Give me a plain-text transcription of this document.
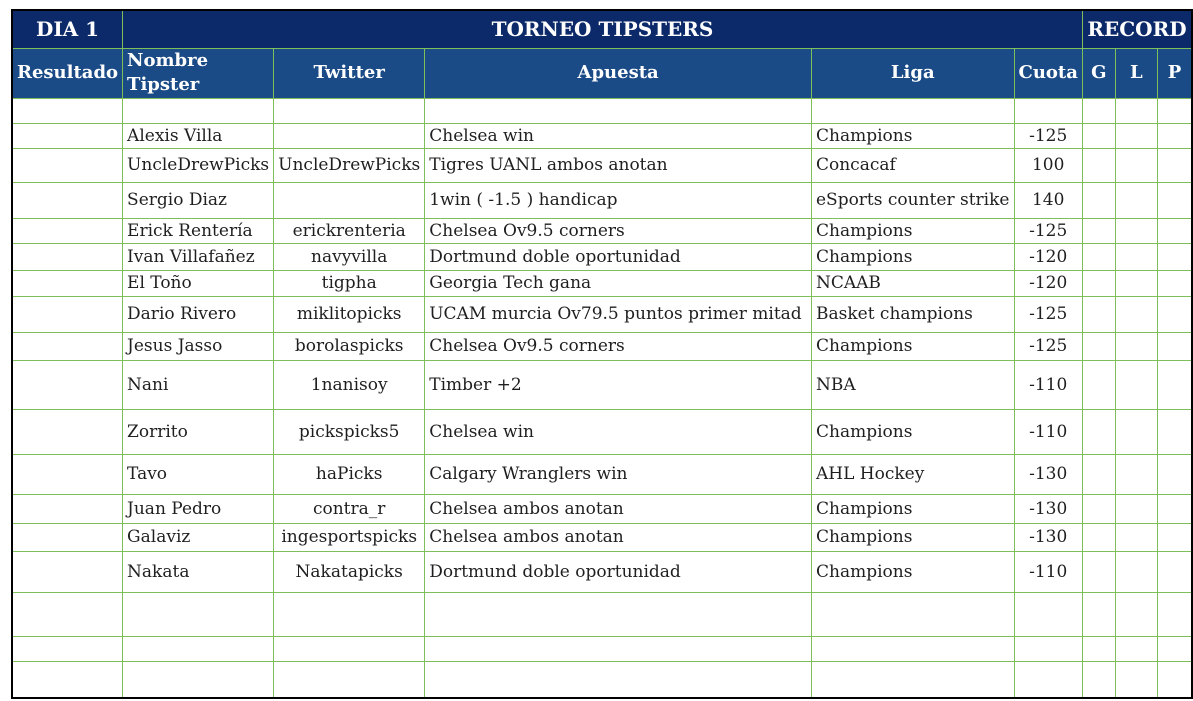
DIA 1	TORNEO TIPSTERS					RECORD		
Resultado	Nombre Tipster	Twitter	Apuesta	Liga	Cuota	G	L	P

	Alexis Villa		Chelsea win	Champions	-125			
	UncleDrewPicks	UncleDrewPicks	Tigres UANL ambos anotan	Concacaf	100			
	Sergio Diaz		1win ( -1.5 ) handicap	eSports counter strike	140			
	Erick Rentería	erickrenteria	Chelsea Ov9.5 corners	Champions	-125			
	Ivan Villafañez	navyvilla	Dortmund doble oportunidad	Champions	-120			
	El Toño	tigpha	Georgia Tech gana	NCAAB	-120			
	Dario Rivero	miklitopicks	UCAM murcia Ov79.5 puntos primer mitad	Basket champions	-125			
	Jesus Jasso	borolaspicks	Chelsea Ov9.5 corners	Champions	-125			
	Nani	1nanisoy	Timber +2	NBA	-110			
	Zorrito	pickspicks5	Chelsea win	Champions	-110			
	Tavo	haPicks	Calgary Wranglers win	AHL Hockey	-130			
	Juan Pedro	contra_r	Chelsea ambos anotan	Champions	-130			
	Galaviz	ingesportspicks	Chelsea ambos anotan	Champions	-130			
	Nakata	Nakatapicks	Dortmund doble oportunidad	Champions	-110			
